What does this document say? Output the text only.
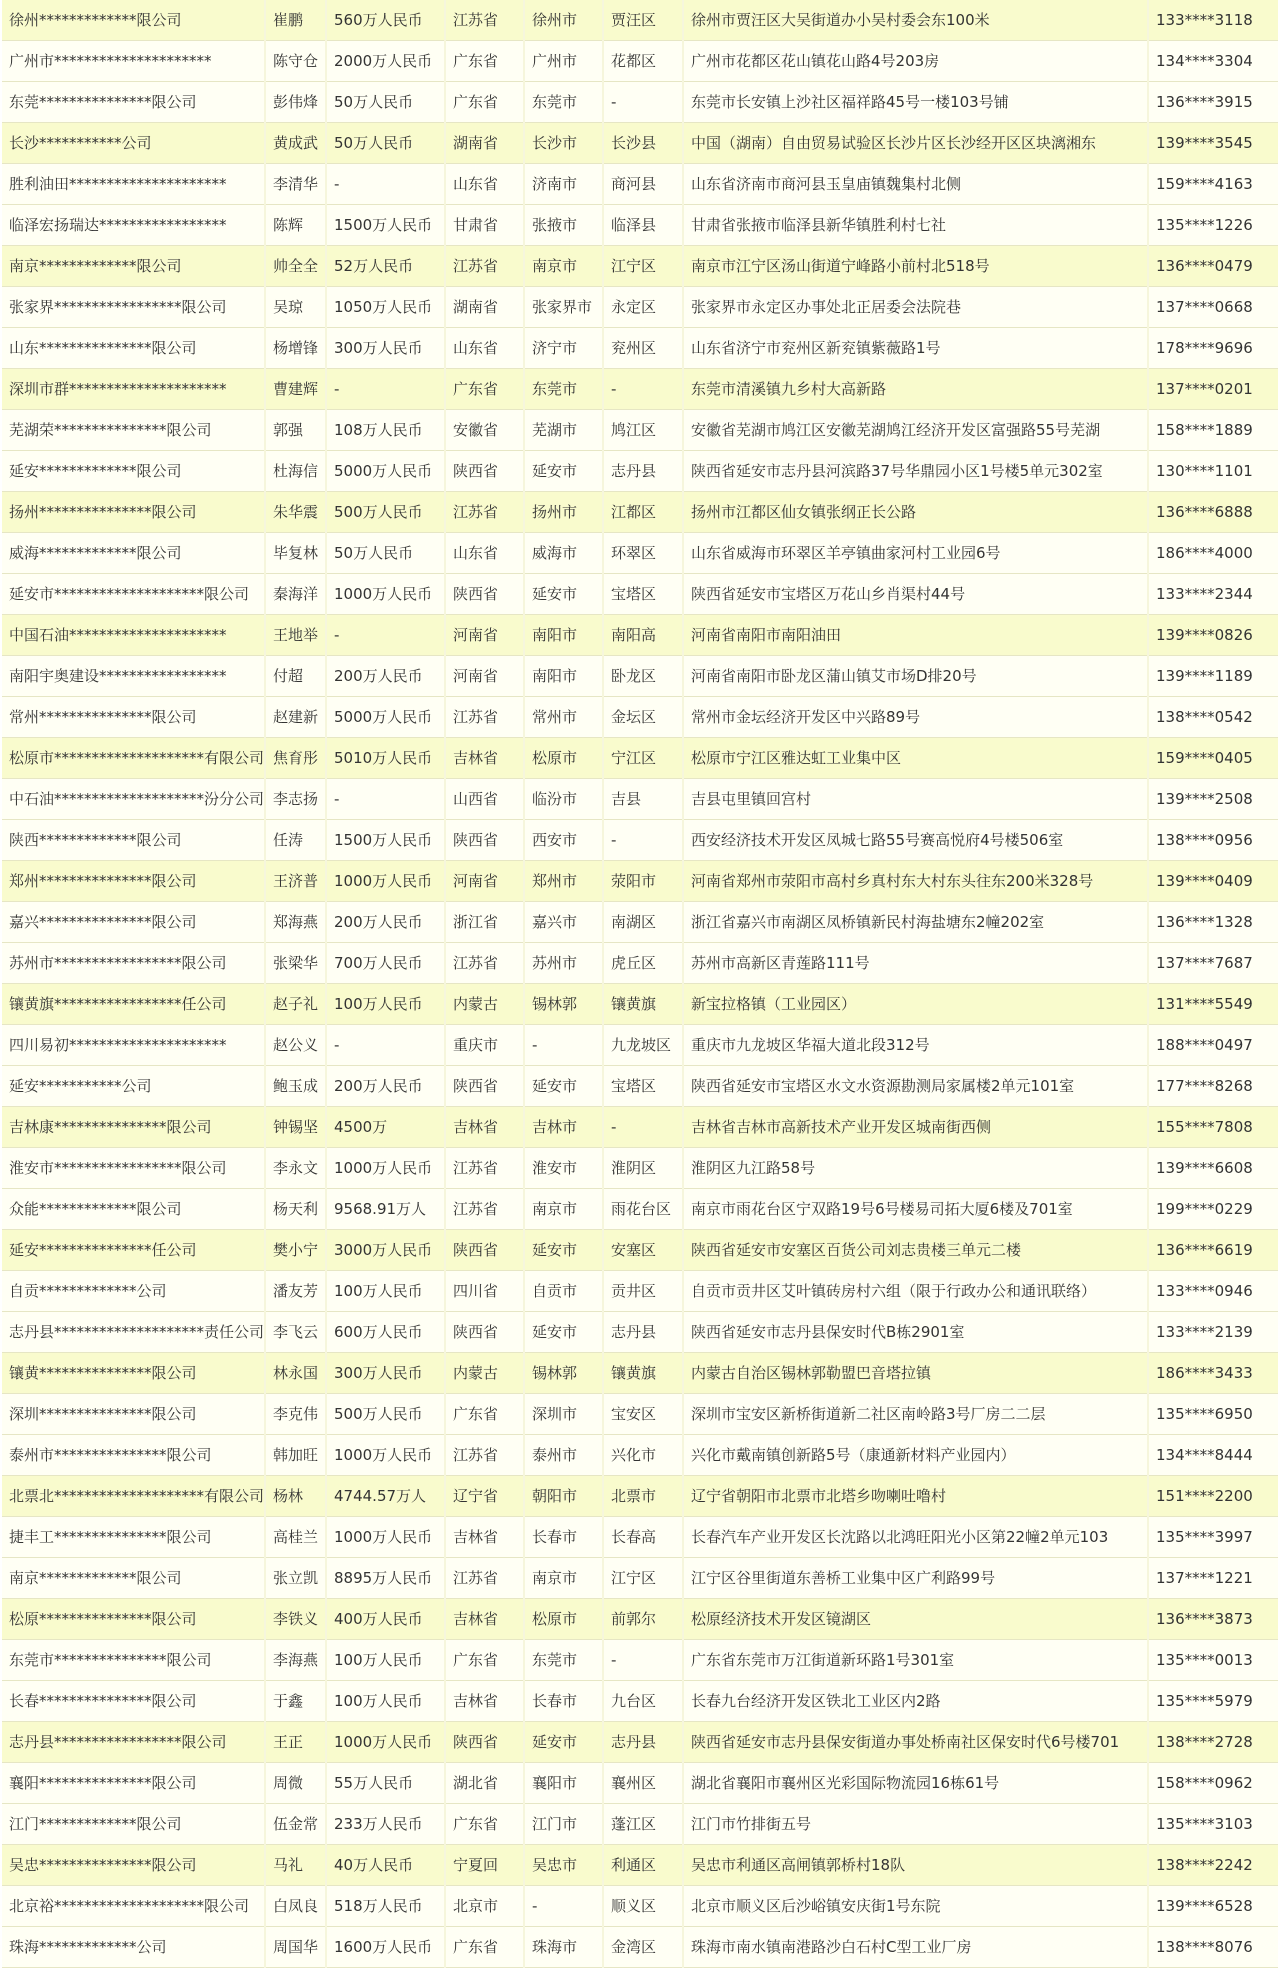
徐州*************限公司	崔鹏	560万人民币	江苏省	徐州市	贾汪区	徐州市贾汪区大吴街道办小吴村委会东100米	133****3118
广州市*********************	陈守仓	2000万人民币	广东省	广州市	花都区	广州市花都区花山镇花山路4号203房	134****3304
东莞***************限公司	彭伟烽	50万人民币	广东省	东莞市	-	东莞市长安镇上沙社区福祥路45号一楼103号铺	136****3915
长沙***********公司	黄成武	50万人民币	湖南省	长沙市	长沙县	中国（湖南）自由贸易试验区长沙片区长沙经开区区块漓湘东	139****3545
胜利油田*********************	李清华	-	山东省	济南市	商河县	山东省济南市商河县玉皇庙镇魏集村北侧	159****4163
临泽宏扬瑞达*****************	陈辉	1500万人民币	甘肃省	张掖市	临泽县	甘肃省张掖市临泽县新华镇胜利村七社	135****1226
南京*************限公司	帅全全	52万人民币	江苏省	南京市	江宁区	南京市江宁区汤山街道宁峰路小前村北518号	136****0479
张家界*****************限公司	吴琼	1050万人民币	湖南省	张家界市	永定区	张家界市永定区办事处北正居委会法院巷	137****0668
山东***************限公司	杨增锋	300万人民币	山东省	济宁市	兖州区	山东省济宁市兖州区新兖镇紫薇路1号	178****9696
深圳市群*********************	曹建辉	-	广东省	东莞市	-	东莞市清溪镇九乡村大高新路	137****0201
芜湖荣***************限公司	郭强	108万人民币	安徽省	芜湖市	鸠江区	安徽省芜湖市鸠江区安徽芜湖鸠江经济开发区富强路55号芜湖	158****1889
延安*************限公司	杜海信	5000万人民币	陕西省	延安市	志丹县	陕西省延安市志丹县河滨路37号华鼎园小区1号楼5单元302室	130****1101
扬州***************限公司	朱华震	500万人民币	江苏省	扬州市	江都区	扬州市江都区仙女镇张纲正长公路	136****6888
威海*************限公司	毕复林	50万人民币	山东省	威海市	环翠区	山东省威海市环翠区羊亭镇曲家河村工业园6号	186****4000
延安市********************限公司	秦海洋	1000万人民币	陕西省	延安市	宝塔区	陕西省延安市宝塔区万花山乡肖渠村44号	133****2344
中国石油*********************	王地举	-	河南省	南阳市	南阳高	河南省南阳市南阳油田	139****0826
南阳宇奥建设*****************	付超	200万人民币	河南省	南阳市	卧龙区	河南省南阳市卧龙区蒲山镇艾市场D排20号	139****1189
常州***************限公司	赵建新	5000万人民币	江苏省	常州市	金坛区	常州市金坛经济开发区中兴路89号	138****0542
松原市********************有限公司	焦育彤	5010万人民币	吉林省	松原市	宁江区	松原市宁江区雅达虹工业集中区	159****0405
中石油********************汾分公司	李志扬	-	山西省	临汾市	吉县	吉县屯里镇回宫村	139****2508
陕西*************限公司	任涛	1500万人民币	陕西省	西安市	-	西安经济技术开发区凤城七路55号赛高悦府4号楼506室	138****0956
郑州***************限公司	王济普	1000万人民币	河南省	郑州市	荥阳市	河南省郑州市荥阳市高村乡真村东大村东头往东200米328号	139****0409
嘉兴***************限公司	郑海燕	200万人民币	浙江省	嘉兴市	南湖区	浙江省嘉兴市南湖区凤桥镇新民村海盐塘东2幢202室	136****1328
苏州市*****************限公司	张梁华	700万人民币	江苏省	苏州市	虎丘区	苏州市高新区青莲路111号	137****7687
镶黄旗*****************任公司	赵子礼	100万人民币	内蒙古	锡林郭	镶黄旗	新宝拉格镇（工业园区）	131****5549
四川易初*********************	赵公义	-	重庆市	-	九龙坡区	重庆市九龙坡区华福大道北段312号	188****0497
延安***********公司	鲍玉成	200万人民币	陕西省	延安市	宝塔区	陕西省延安市宝塔区水文水资源勘测局家属楼2单元101室	177****8268
吉林康***************限公司	钟锡坚	4500万	吉林省	吉林市	-	吉林省吉林市高新技术产业开发区城南街西侧	155****7808
淮安市*****************限公司	李永文	1000万人民币	江苏省	淮安市	淮阴区	淮阴区九江路58号	139****6608
众能*************限公司	杨天利	9568.91万人	江苏省	南京市	雨花台区	南京市雨花台区宁双路19号6号楼易司拓大厦6楼及701室	199****0229
延安***************任公司	樊小宁	3000万人民币	陕西省	延安市	安塞区	陕西省延安市安塞区百货公司刘志贵楼三单元二楼	136****6619
自贡*************公司	潘友芳	100万人民币	四川省	自贡市	贡井区	自贡市贡井区艾叶镇砖房村六组（限于行政办公和通讯联络）	133****0946
志丹县********************责任公司	李飞云	600万人民币	陕西省	延安市	志丹县	陕西省延安市志丹县保安时代B栋2901室	133****2139
镶黄***************限公司	林永国	300万人民币	内蒙古	锡林郭	镶黄旗	内蒙古自治区锡林郭勒盟巴音塔拉镇	186****3433
深圳***************限公司	李克伟	500万人民币	广东省	深圳市	宝安区	深圳市宝安区新桥街道新二社区南岭路3号厂房二二层	135****6950
泰州市***************限公司	韩加旺	1000万人民币	江苏省	泰州市	兴化市	兴化市戴南镇创新路5号（康通新材料产业园内）	134****8444
北票北********************有限公司	杨林	4744.57万人	辽宁省	朝阳市	北票市	辽宁省朝阳市北票市北塔乡吻喇吐噜村	151****2200
捷丰工***************限公司	高桂兰	1000万人民币	吉林省	长春市	长春高	长春汽车产业开发区长沈路以北鸿旺阳光小区第22幢2单元103	135****3997
南京*************限公司	张立凯	8895万人民币	江苏省	南京市	江宁区	江宁区谷里街道东善桥工业集中区广利路99号	137****1221
松原***************限公司	李铁义	400万人民币	吉林省	松原市	前郭尔	松原经济技术开发区镜湖区	136****3873
东莞市***************限公司	李海燕	100万人民币	广东省	东莞市	-	广东省东莞市万江街道新环路1号301室	135****0013
长春***************限公司	于鑫	100万人民币	吉林省	长春市	九台区	长春九台经济开发区铁北工业区内2路	135****5979
志丹县*****************限公司	王正	1000万人民币	陕西省	延安市	志丹县	陕西省延安市志丹县保安街道办事处桥南社区保安时代6号楼701	138****2728
襄阳***************限公司	周微	55万人民币	湖北省	襄阳市	襄州区	湖北省襄阳市襄州区光彩国际物流园16栋61号	158****0962
江门*************限公司	伍金常	233万人民币	广东省	江门市	蓬江区	江门市竹排街五号	135****3103
吴忠***************限公司	马礼	40万人民币	宁夏回	吴忠市	利通区	吴忠市利通区高闸镇郭桥村18队	138****2242
北京裕********************限公司	白凤良	518万人民币	北京市	-	顺义区	北京市顺义区后沙峪镇安庆街1号东院	139****6528
珠海*************公司	周国华	1600万人民币	广东省	珠海市	金湾区	珠海市南水镇南港路沙白石村C型工业厂房	138****8076
